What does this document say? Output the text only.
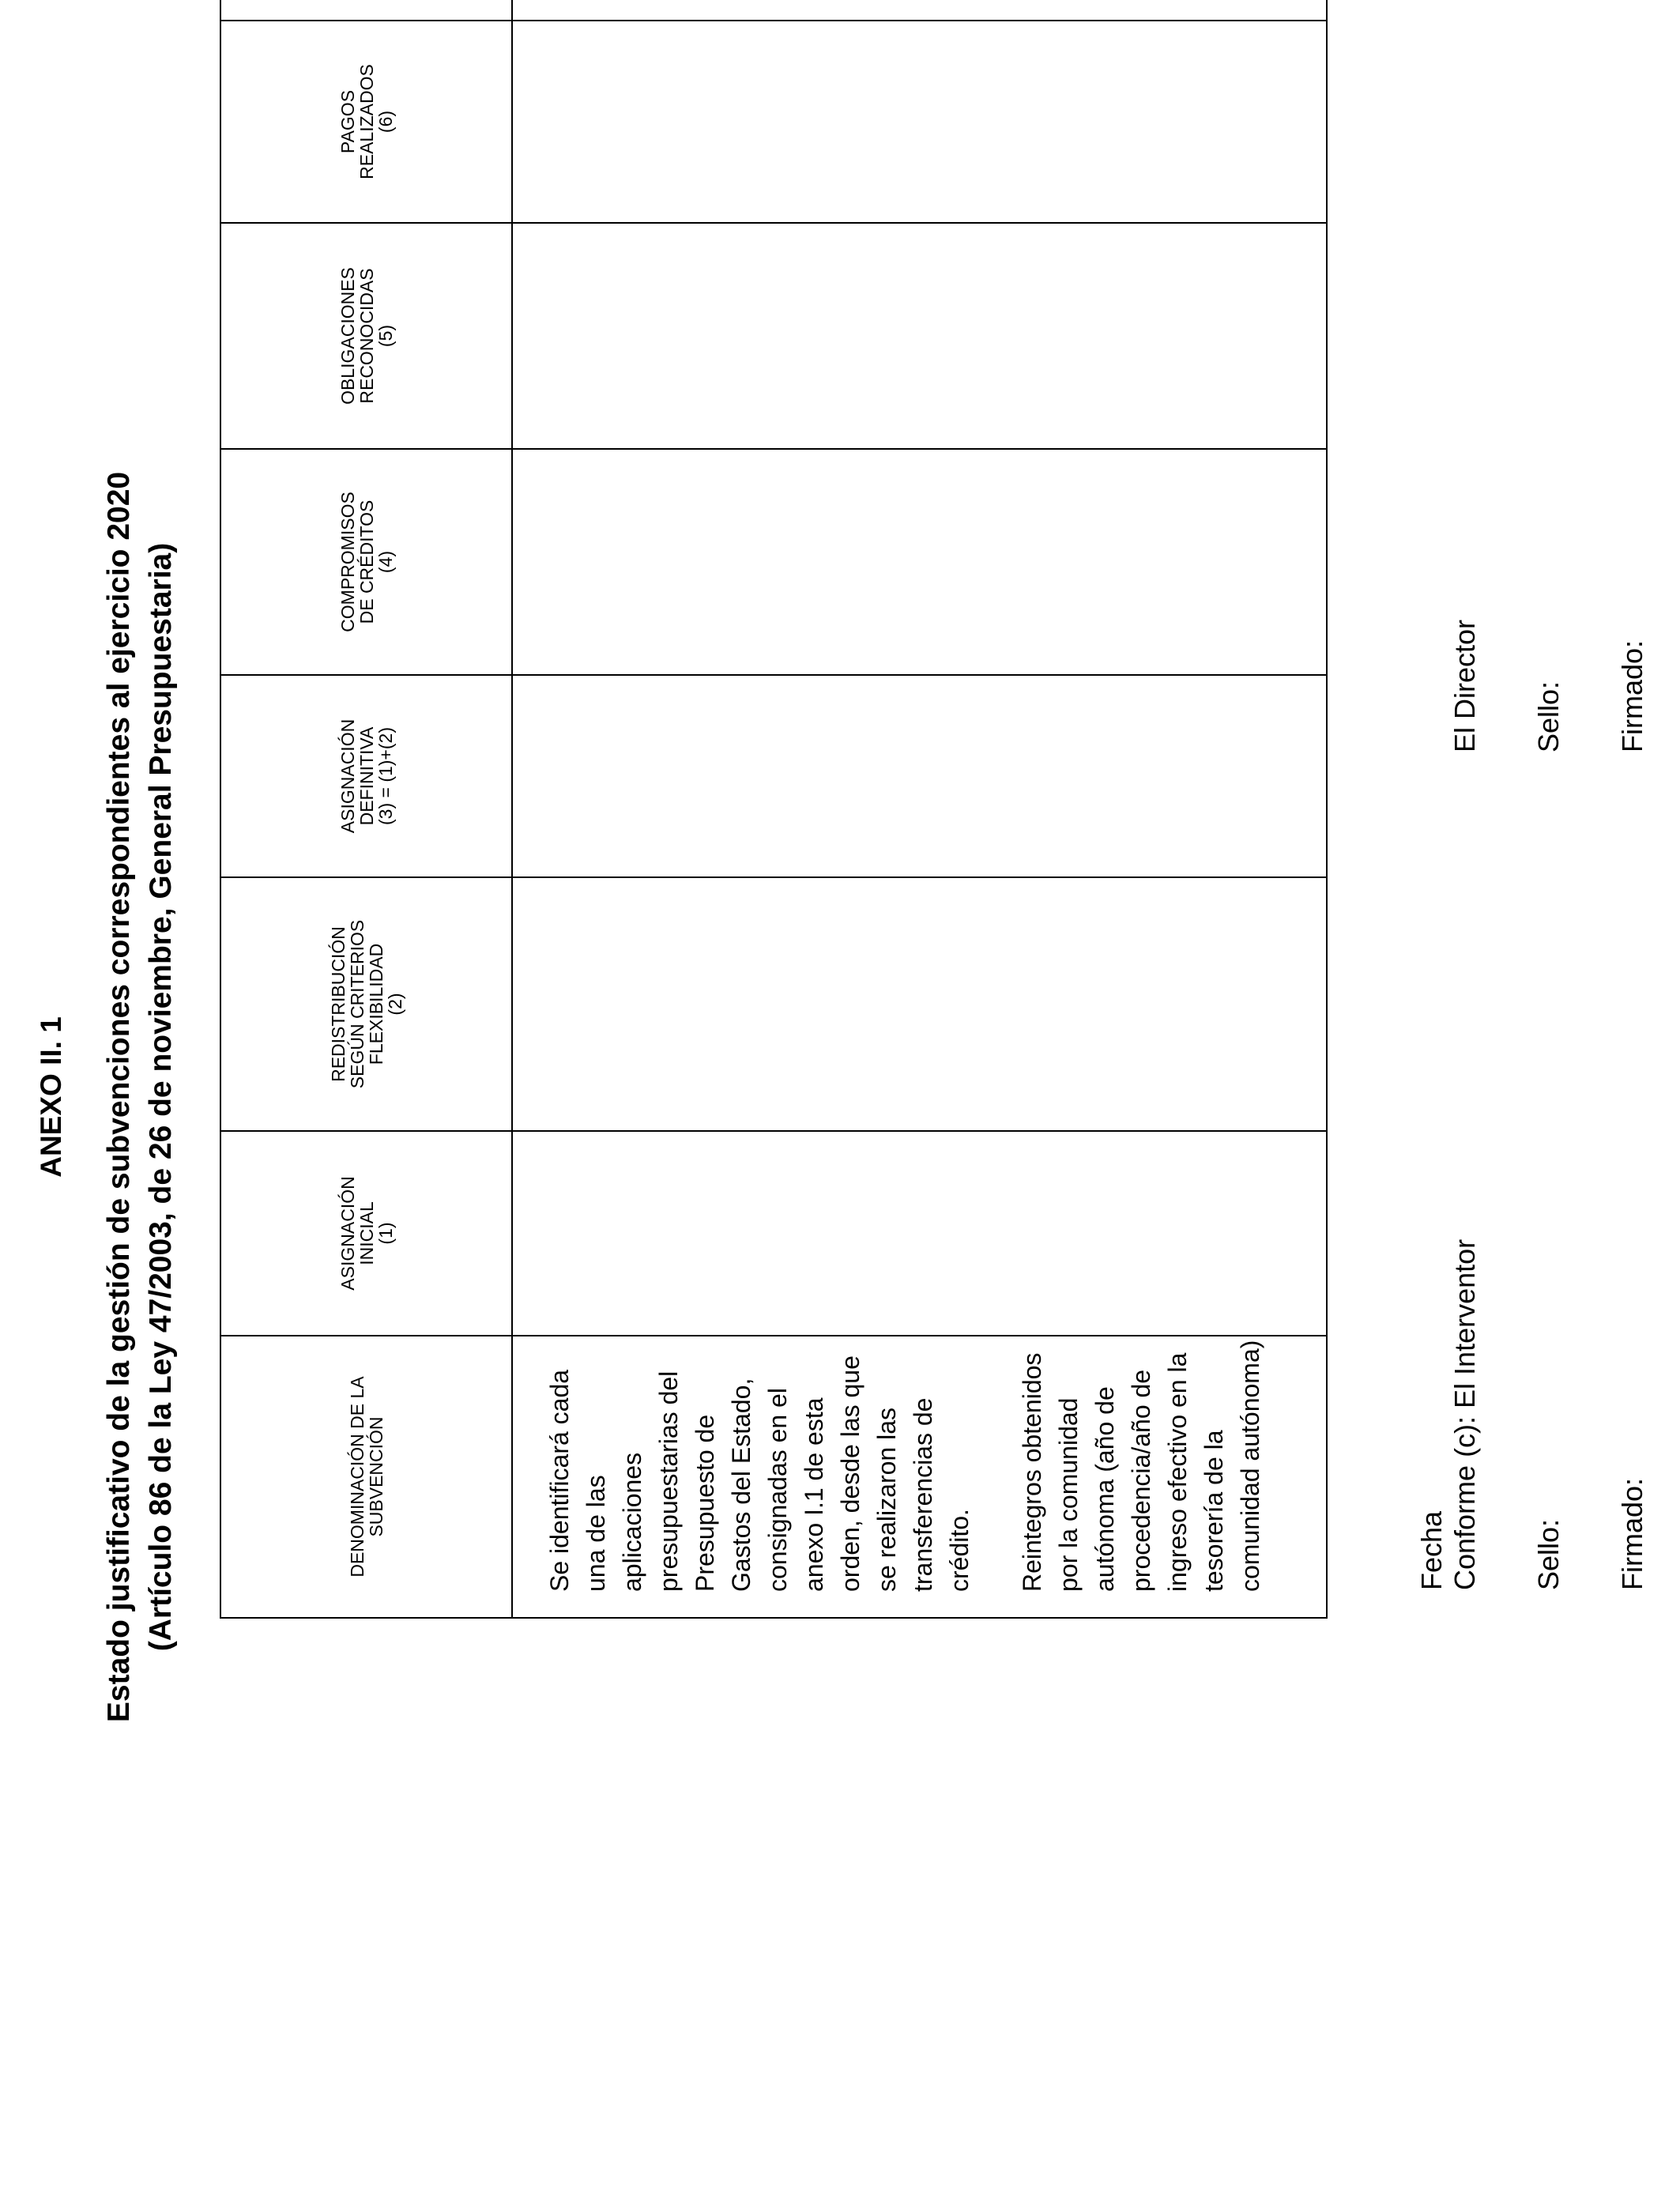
ANEXO II. 1 Estado justificativo de la gestión de subvenciones correspondientes al ejercicio 2020 (Artículo 86 de la Ley 47/2003, de 26 de noviembre, General Presupuestaria)	DENOMINACIÓN DE LA
SUBVENCIÓN	ASIGNACIÓN
INICIAL
(1)	REDISTRIBUCIÓN
SEGÚN CRITERIOS
FLEXIBILIDAD
(2)	ASIGNACIÓN
DEFINITIVA
(3) = (1)+(2)	COMPROMISOS
DE CRÉDITOS
(4)	OBLIGACIONES
RECONOCIDAS
(5)	PAGOS
REALIZADOS
(6)

Se identificará cada una de las aplicaciones presupuestarias del Presupuesto de Gastos del Estado, consignadas en el anexo I.1 de esta orden, desde las que se realizaron las transferencias de crédito. Reintegros obtenidos por la comunidad autónoma (año de procedencia/año de ingreso efectivo en la tesorería de la comunidad autónoma)							

								Fecha Conforme (c): El Interventor Sello: Firmado:
El Director Sello: Firmado:
